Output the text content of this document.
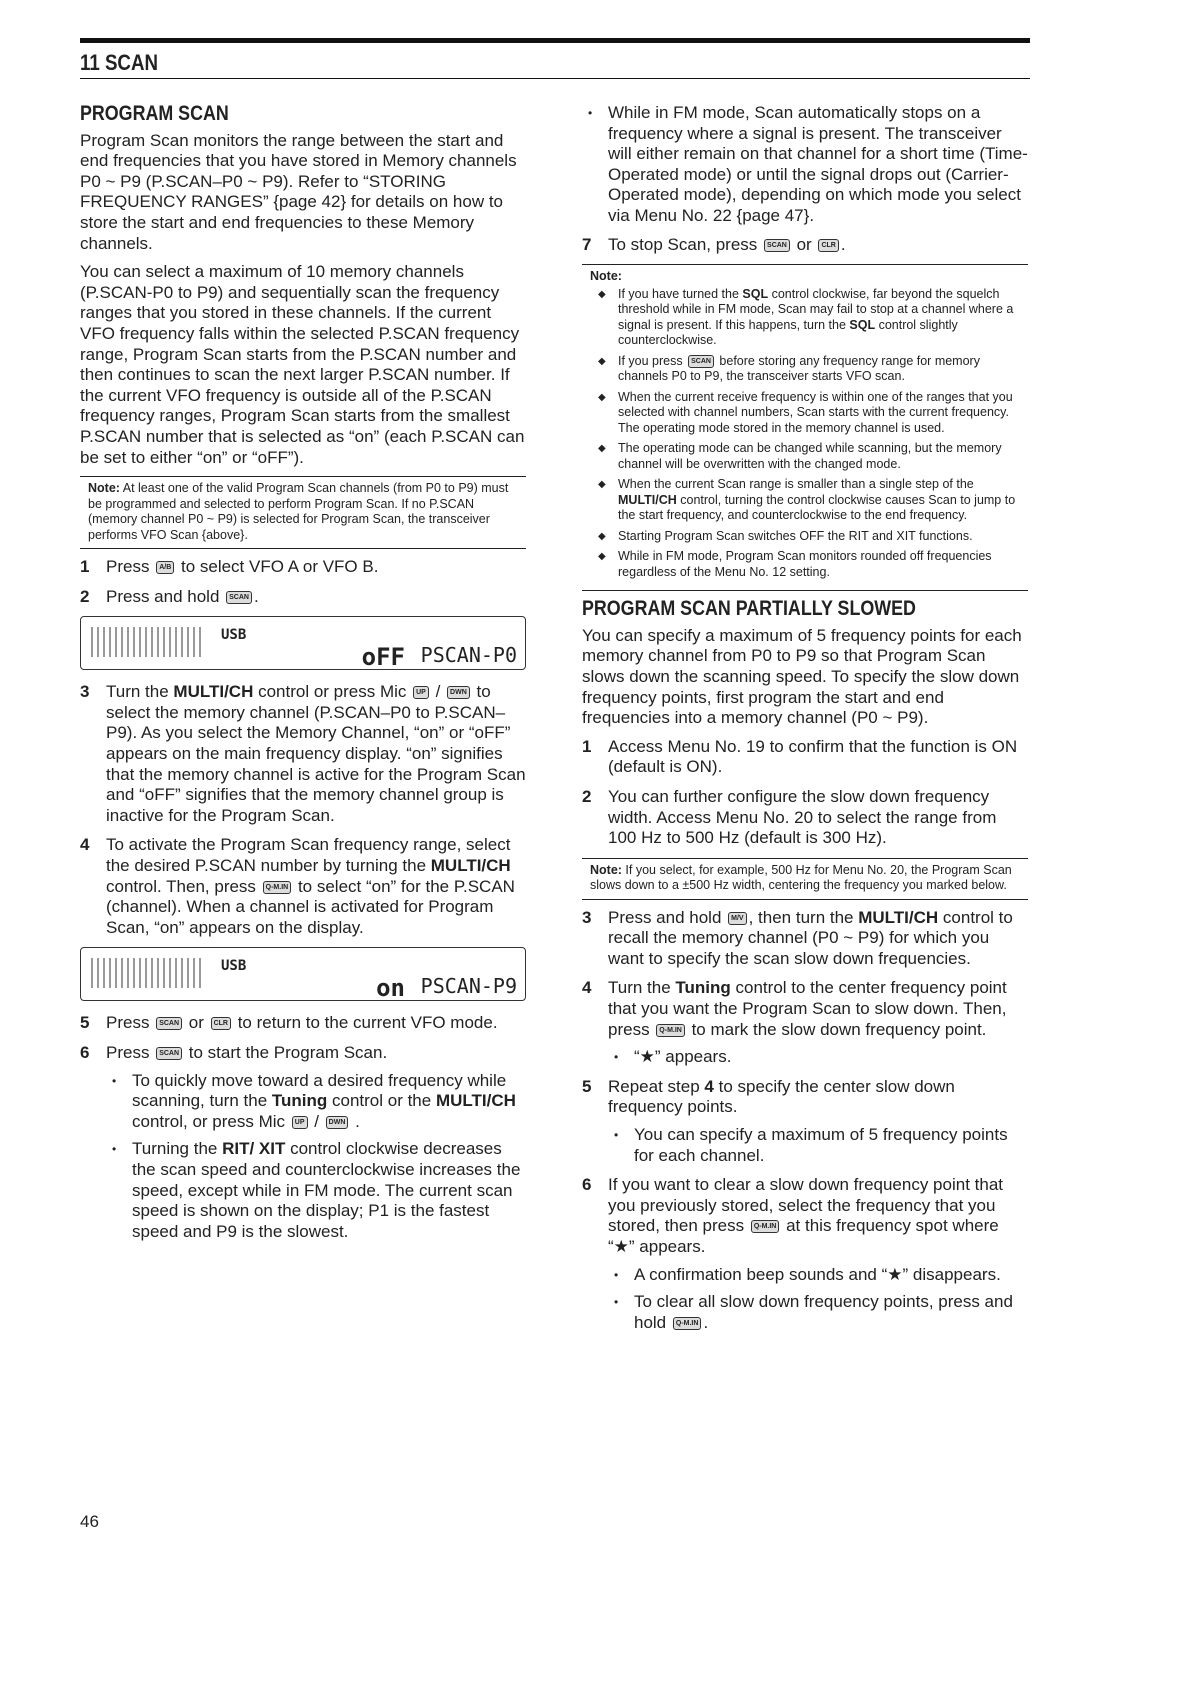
11 SCAN
PROGRAM SCAN

Program Scan monitors the range between the start and end frequencies that you have stored in Memory channels P0 ~ P9 (P.SCAN–P0 ~ P9). Refer to “STORING FREQUENCY RANGES” {page 42} for details on how to store the start and end frequencies to these Memory channels.

You can select a maximum of 10 memory channels (P.SCAN-P0 to P9) and sequentially scan the frequency ranges that you stored in these channels. If the current VFO frequency falls within the selected P.SCAN frequency range, Program Scan starts from the P.SCAN number and then continues to scan the next larger P.SCAN number. If the current VFO frequency is outside all of the P.SCAN frequency ranges, Program Scan starts from the smallest P.SCAN number that is selected as “on” (each P.SCAN can be set to either “on” or “oFF”).

Note: At least one of the valid Program Scan channels (from P0 to P9) must be programmed and selected to perform Program Scan. If no P.SCAN (memory channel P0 ~ P9) is selected for Program Scan, the transceiver performs VFO Scan {above}.
1 Press A/B to select VFO A or VFO B.
2 Press and hold SCAN .
USB
oFF PSCAN-P0
3 Turn the MULTI/CH control or press Mic UP / DWN to select the memory channel (P.SCAN–P0 to P.SCAN–P9). As you select the Memory Channel, “on” or “oFF” appears on the main frequency display. “on” signifies that the memory channel is active for the Program Scan and “oFF” signifies that the memory channel group is inactive for the Program Scan.
4 To activate the Program Scan frequency range, select the desired P.SCAN number by turning the MULTI/CH control. Then, press Q-M.IN to select “on” for the P.SCAN (channel). When a channel is activated for Program Scan, “on” appears on the display.
USB
on PSCAN-P9
5 Press SCAN or CLR to return to the current VFO mode.
6 Press SCAN to start the Program Scan.
• To quickly move toward a desired frequency while scanning, turn the Tuning control or the MULTI/CH control, or press Mic UP / DWN .
• Turning the RIT/ XIT control clockwise decreases the scan speed and counterclockwise increases the speed, except while in FM mode. The current scan speed is shown on the display; P1 is the fastest speed and P9 is the slowest.
• While in FM mode, Scan automatically stops on a frequency where a signal is present. The transceiver will either remain on that channel for a short time (Time-Operated mode) or until the signal drops out (Carrier-Operated mode), depending on which mode you select via Menu No. 22 {page 47}.
7 To stop Scan, press SCAN or CLR .
Note:
◆ If you have turned the SQL control clockwise, far beyond the squelch threshold while in FM mode, Scan may fail to stop at a channel where a signal is present. If this happens, turn the SQL control slightly counterclockwise.
◆ If you press SCAN before storing any frequency range for memory channels P0 to P9, the transceiver starts VFO scan.
◆ When the current receive frequency is within one of the ranges that you selected with channel numbers, Scan starts with the current frequency. The operating mode stored in the memory channel is used.
◆ The operating mode can be changed while scanning, but the memory channel will be overwritten with the changed mode.
◆ When the current Scan range is smaller than a single step of the MULTI/CH control, turning the control clockwise causes Scan to jump to the start frequency, and counterclockwise to the end frequency.
◆ Starting Program Scan switches OFF the RIT and XIT functions.
◆ While in FM mode, Program Scan monitors rounded off frequencies regardless of the Menu No. 12 setting.
PROGRAM SCAN PARTIALLY SLOWED

You can specify a maximum of 5 frequency points for each memory channel from P0 to P9 so that Program Scan slows down the scanning speed. To specify the slow down frequency points, first program the start and end frequencies into a memory channel (P0 ~ P9).

1 Access Menu No. 19 to confirm that the function is ON (default is ON).
2 You can further configure the slow down frequency width. Access Menu No. 20 to select the range from 100 Hz to 500 Hz (default is 300 Hz).
Note: If you select, for example, 500 Hz for Menu No. 20, the Program Scan slows down to a ±500 Hz width, centering the frequency you marked below.
3 Press and hold M/V , then turn the MULTI/CH control to recall the memory channel (P0 ~ P9) for which you want to specify the scan slow down frequencies.
4 Turn the Tuning control to the center frequency point that you want the Program Scan to slow down. Then, press Q-M.IN to mark the slow down frequency point.
• “★” appears.
5 Repeat step 4 to specify the center slow down frequency points.
• You can specify a maximum of 5 frequency points for each channel.
6 If you want to clear a slow down frequency point that you previously stored, select the frequency that you stored, then press Q-M.IN at this frequency spot where “★” appears.
• A confirmation beep sounds and “★” disappears.
• To clear all slow down frequency points, press and hold Q-M.IN .
46
